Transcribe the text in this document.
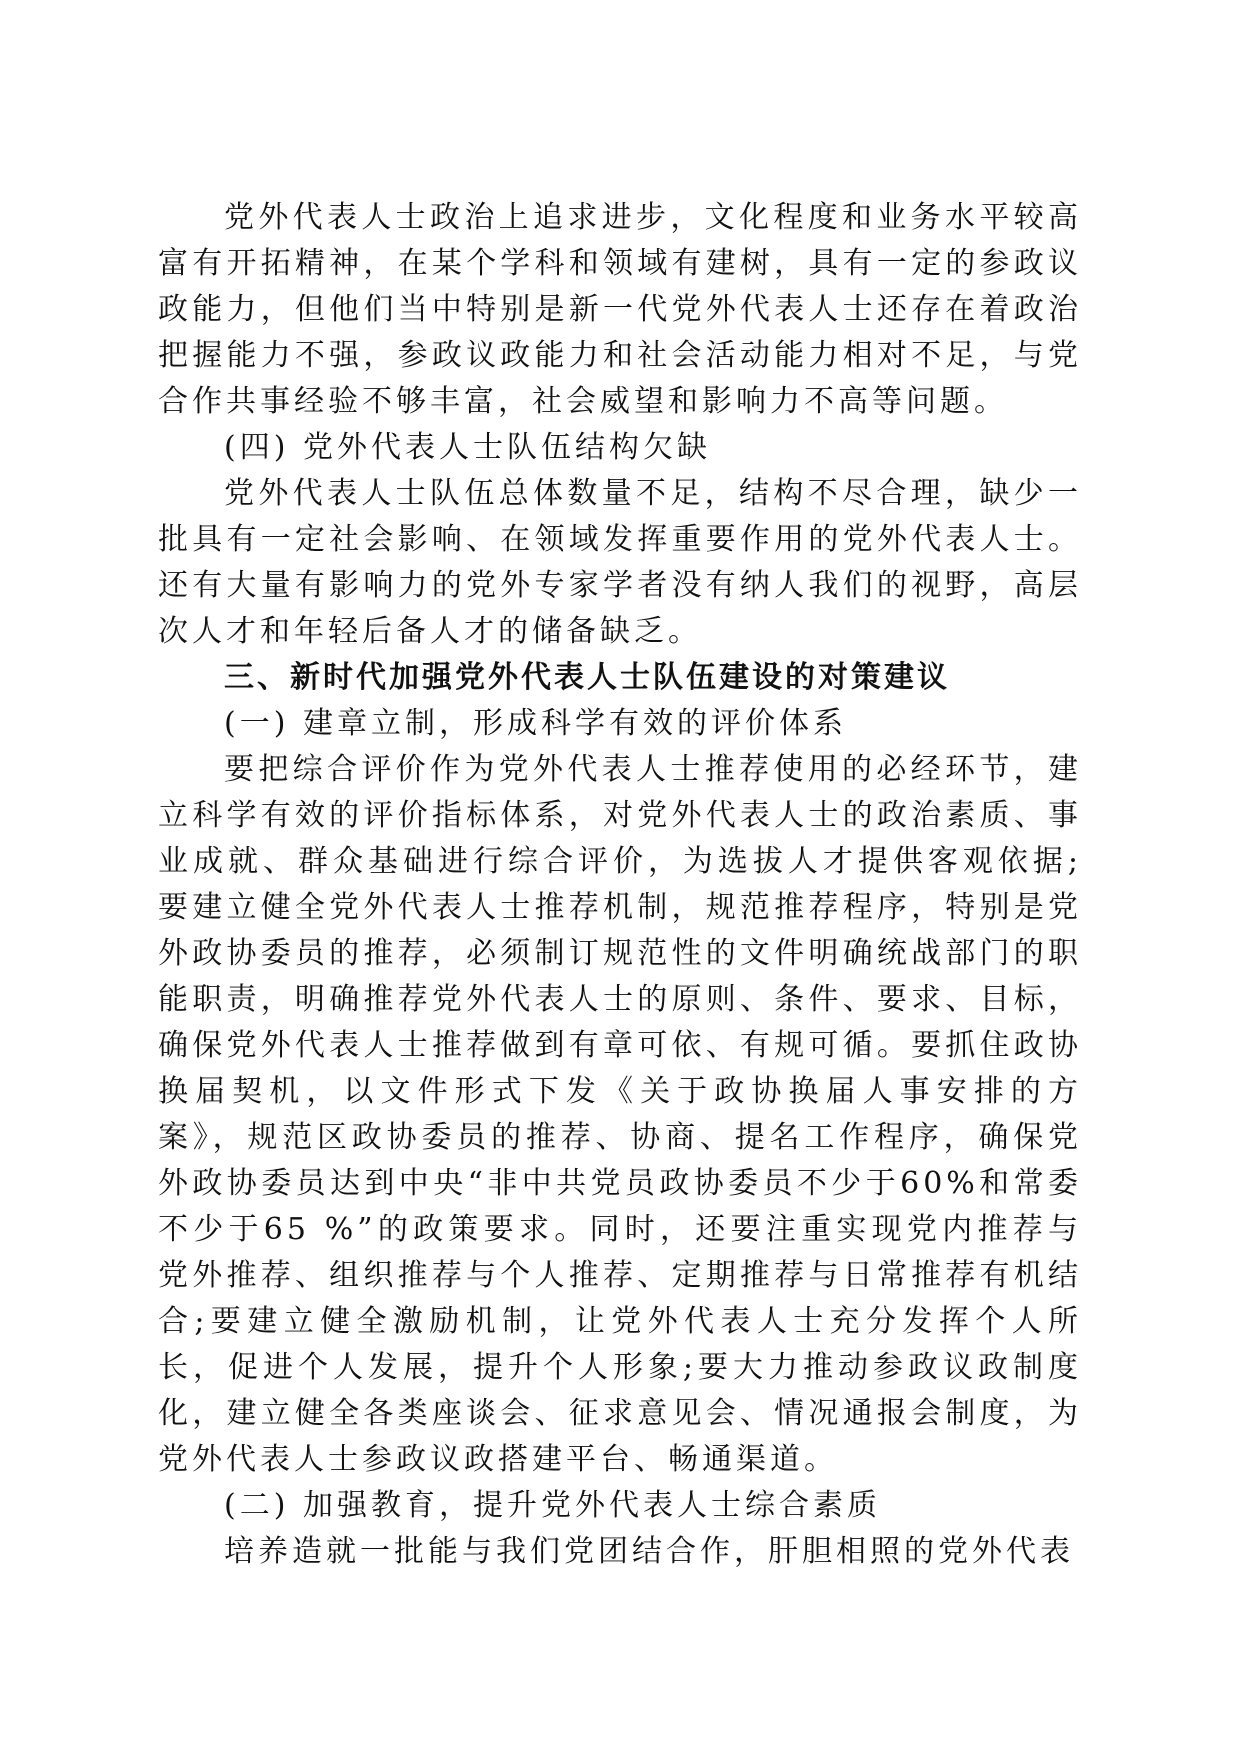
党外代表人士政治上追求进步，文化程度和业务水平较高富有开拓精神，在某个学科和领域有建树，具有一定的参政议政能力，但他们当中特别是新一代党外代表人士还存在着政治把握能力不强，参政议政能力和社会活动能力相对不足，与党合作共事经验不够丰富，社会威望和影响力不高等问题。

(四) 党外代表人士队伍结构欠缺

党外代表人士队伍总体数量不足，结构不尽合理，缺少一批具有一定社会影响、在领域发挥重要作用的党外代表人士。还有大量有影响力的党外专家学者没有纳人我们的视野，高层次人才和年轻后备人才的储备缺乏。

三、新时代加强党外代表人士队伍建设的对策建议

(一) 建章立制，形成科学有效的评价体系

要把综合评价作为党外代表人士推荐使用的必经环节，建立科学有效的评价指标体系，对党外代表人士的政治素质、事业成就、群众基础进行综合评价，为选拔人才提供客观依据;要建立健全党外代表人士推荐机制，规范推荐程序，特别是党外政协委员的推荐，必须制订规范性的文件明确统战部门的职能职责，明确推荐党外代表人士的原则、条件、要求、目标，确保党外代表人士推荐做到有章可依、有规可循。要抓住政协换届契机，以文件形式下发《关于政协换届人事安排的方案》，规范区政协委员的推荐、协商、提名工作程序，确保党外政协委员达到中央“非中共党员政协委员不少于60%和常委不少于65 %”的政策要求。同时，还要注重实现党内推荐与党外推荐、组织推荐与个人推荐、定期推荐与日常推荐有机结合;要建立健全激励机制，让党外代表人士充分发挥个人所长，促进个人发展，提升个人形象;要大力推动参政议政制度化，建立健全各类座谈会、征求意见会、情况通报会制度，为党外代表人士参政议政搭建平台、畅通渠道。

(二) 加强教育，提升党外代表人士综合素质

培养造就一批能与我们党团结合作，肝胆相照的党外代表
